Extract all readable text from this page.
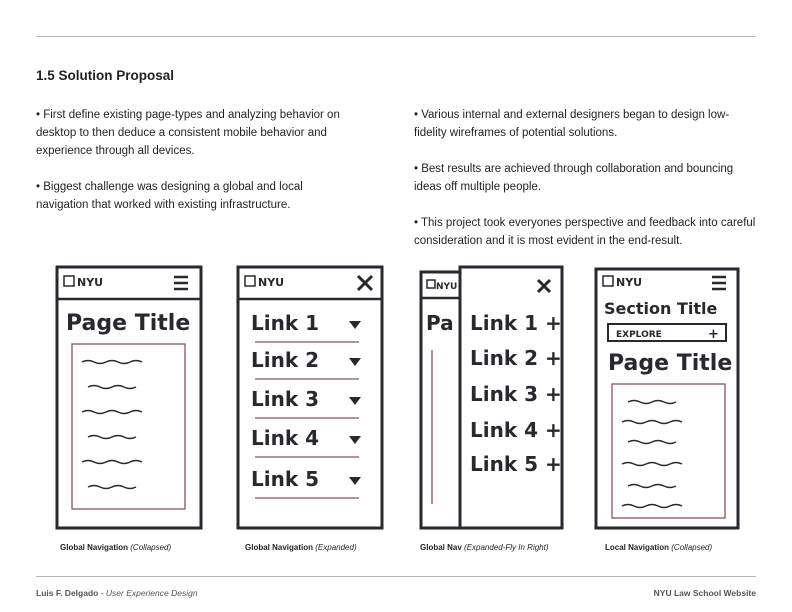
1.5 Solution Proposal

• First define existing page-types and analyzing behavior on desktop to then deduce a consistent mobile behavior and experience through all devices.

• Biggest challenge was designing a global and local navigation that worked with existing infrastructure.

• Various internal and external designers began to design low-fidelity wireframes of potential solutions.

• Best results are achieved through collaboration and bouncing ideas off multiple people.

• This project took everyones perspective and feedback into careful consideration and it is most evident in the end-result.

NYU
Page Title
NYU
Link 1
Link 2
Link 3
Link 4
Link 5
NYU
Pa Link 1 +
Link 2 +
Link 3 +
Link 4 +
Link 5 +
NYU
Section Title
EXPLORE	+
Page Title
Global Navigation (Collapsed)	Global Navigation (Expanded)	Global Nav (Expanded-Fly In Right)	Local Navigation (Collapsed)
Luis F. Delgado - User Experience Design	NYU Law School Website
